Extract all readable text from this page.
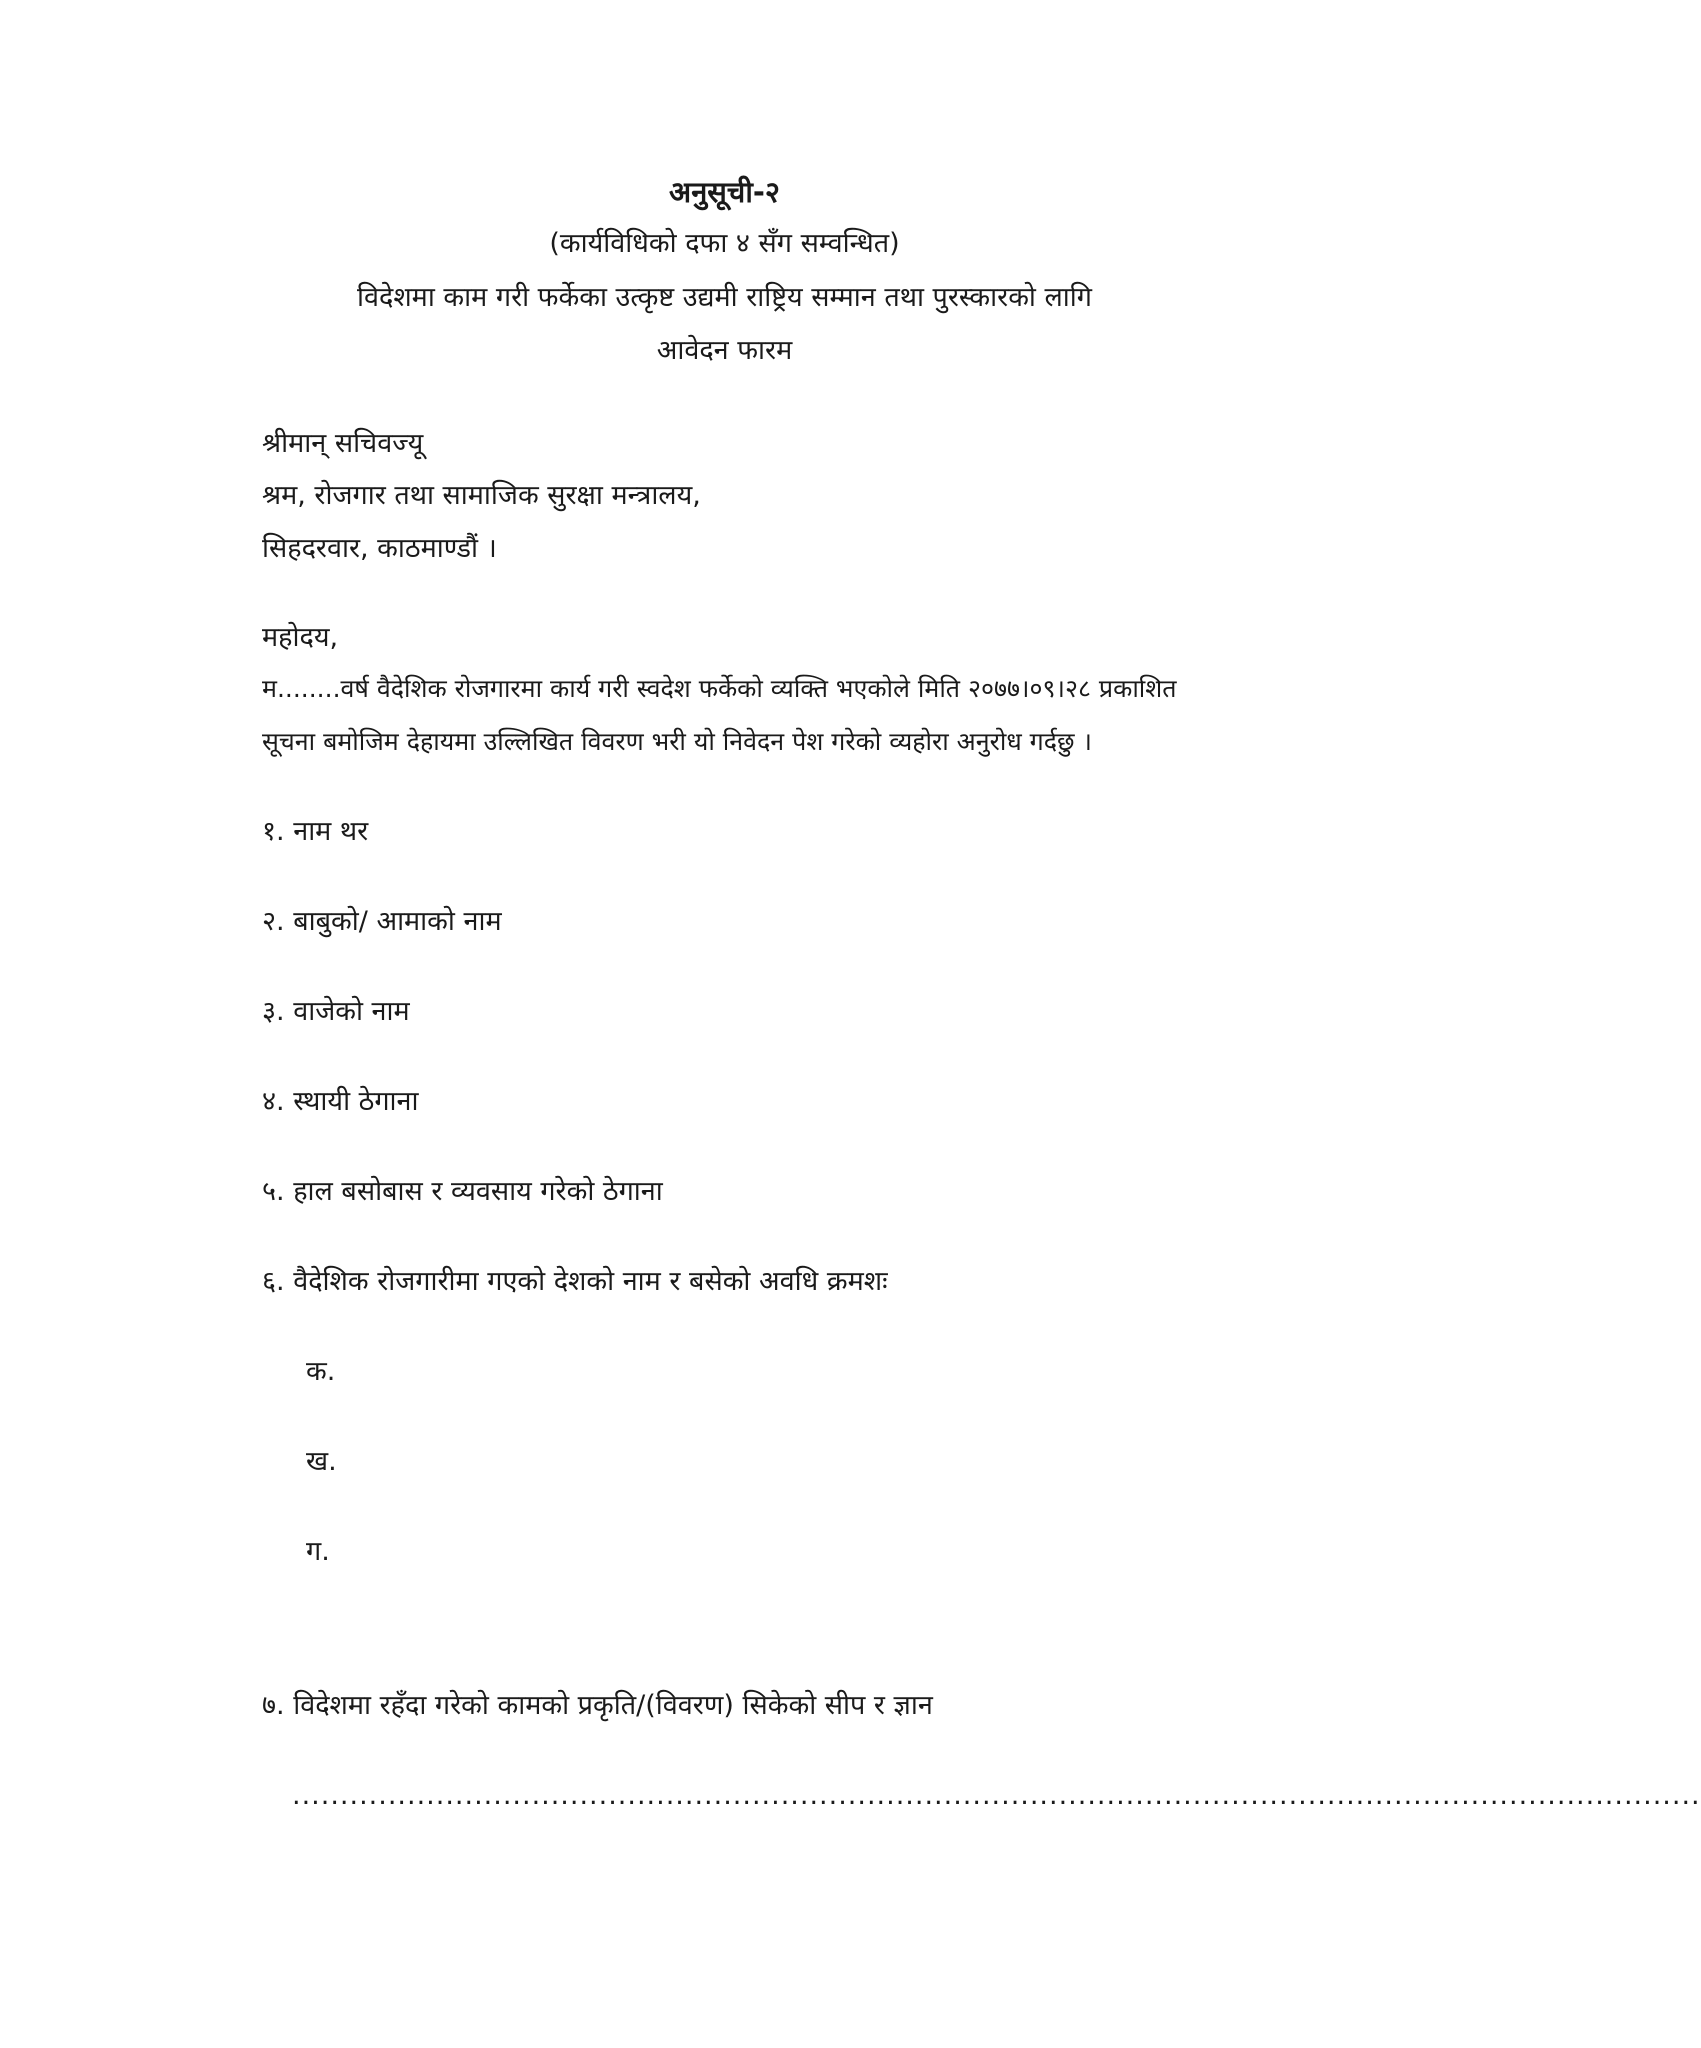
अनुसूची-२
(कार्यविधिको दफा ४ सँग सम्वन्धित)
विदेशमा काम गरी फर्केका उत्कृष्ट उद्यमी राष्ट्रिय सम्मान तथा पुरस्कारको लागि
आवेदन फारम
श्रीमान् सचिवज्यू
श्रम, रोजगार तथा सामाजिक सुरक्षा मन्त्रालय,
सिहदरवार, काठमाण्डौं ।
महोदय,
म........वर्ष वैदेशिक रोजगारमा कार्य गरी स्वदेश फर्केको व्यक्ति भएकोले मिति २०७७।०९।२८ प्रकाशित
सूचना बमोजिम देहायमा उल्लिखित विवरण भरी यो निवेदन पेश गरेको व्यहोरा अनुरोध गर्दछु ।
१. नाम थर
२. बाबुको/ आमाको नाम
३. वाजेको नाम
४. स्थायी ठेगाना
५. हाल बसोबास र व्यवसाय गरेको ठेगाना
६. वैदेशिक रोजगारीमा गएको देशको नाम र बसेको अवधि क्रमशः
क.
ख.
ग.
७. विदेशमा रहँदा गरेको कामको प्रकृति/(विवरण) सिकेको सीप र ज्ञान
...................................................................................................................................................
